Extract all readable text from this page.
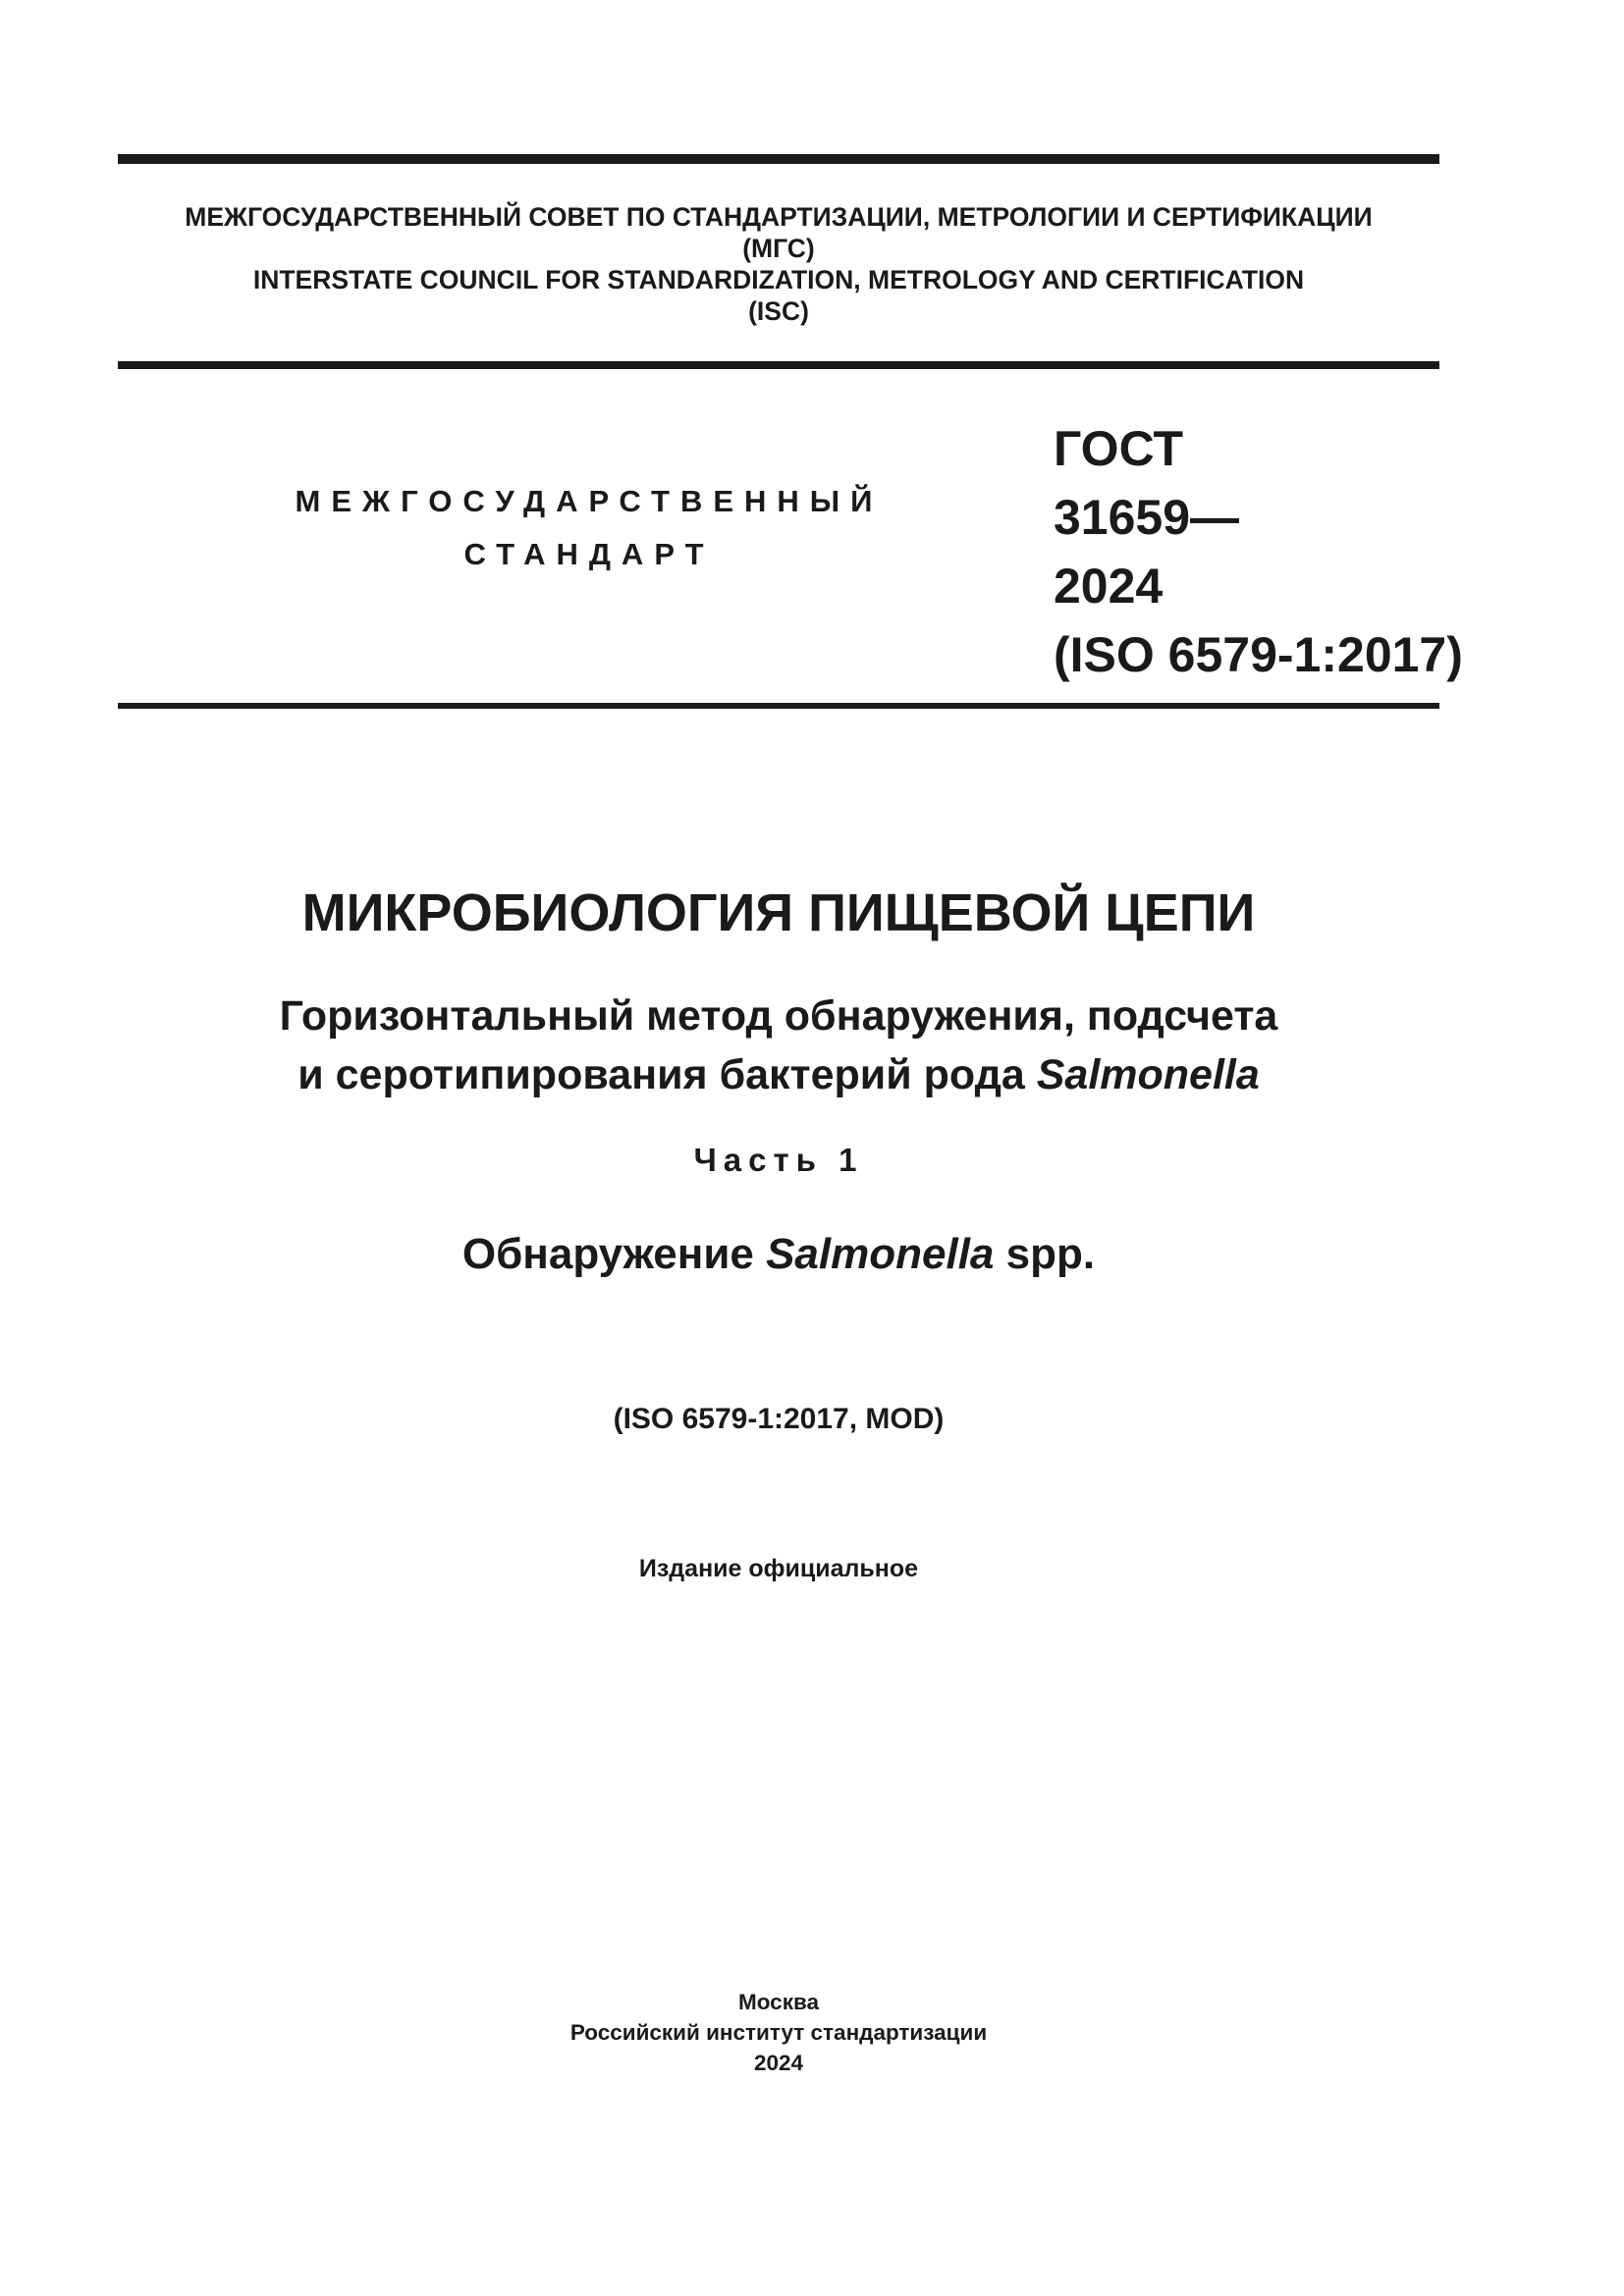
МЕЖГОСУДАРСТВЕННЫЙ СОВЕТ ПО СТАНДАРТИЗАЦИИ, МЕТРОЛОГИИ И СЕРТИФИКАЦИИ
(МГС)
INTERSTATE COUNCIL FOR STANDARDIZATION, METROLOGY AND CERTIFICATION
(ISC)
МЕЖГОСУДАРСТВЕННЫЙ
СТАНДАРТ
ГОСТ
31659—
2024
(ISO 6579-1:2017)
МИКРОБИОЛОГИЯ ПИЩЕВОЙ ЦЕПИ
Горизонтальный метод обнаружения, подсчета
и серотипирования бактерий рода Salmonella
Часть 1
Обнаружение Salmonella spp.
(ISO 6579-1:2017, MOD)
Издание официальное
Москва
Российский институт стандартизации
2024
